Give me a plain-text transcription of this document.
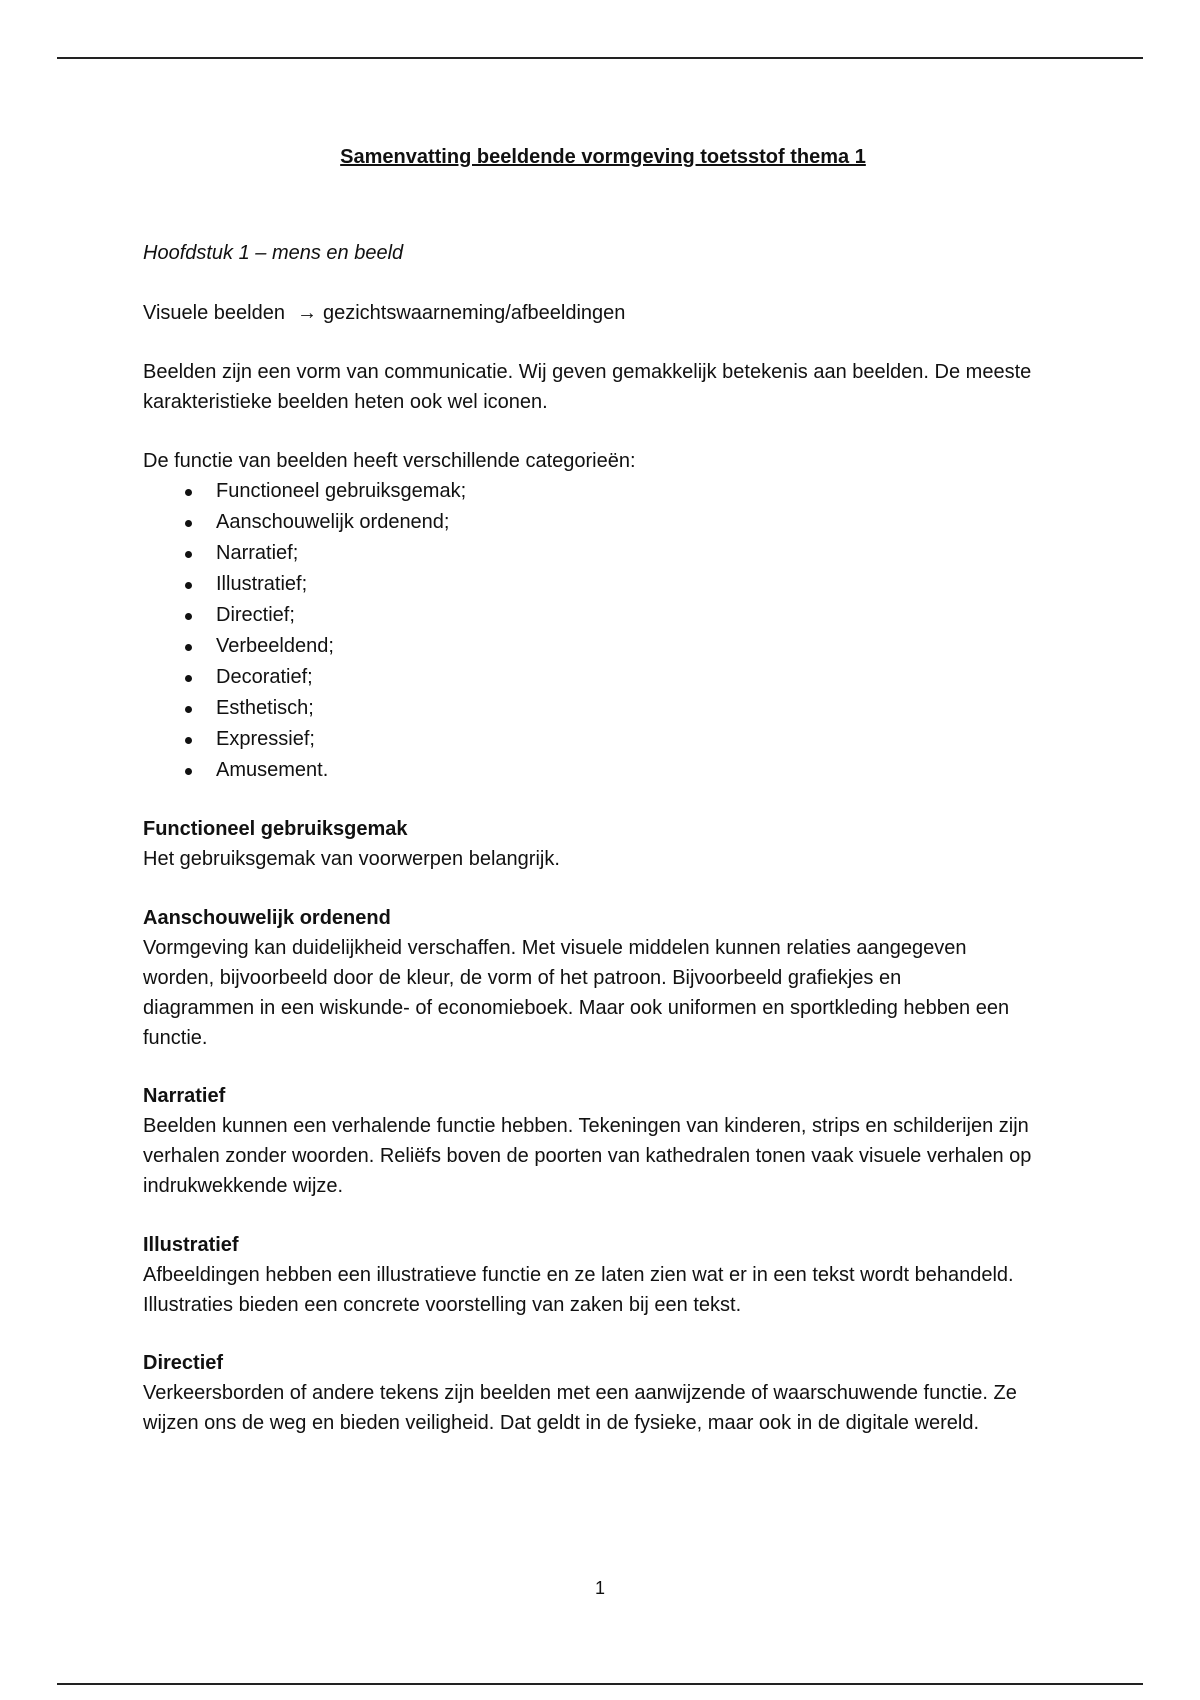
Samenvatting beeldende vormgeving toetsstof thema 1
Hoofdstuk 1 – mens en beeld
Visuele beelden → gezichtswaarneming/afbeeldingen
Beelden zijn een vorm van communicatie. Wij geven gemakkelijk betekenis aan beelden. De meeste karakteristieke beelden heten ook wel iconen.
De functie van beelden heeft verschillende categorieën:
Functioneel gebruiksgemak;
Aanschouwelijk ordenend;
Narratief;
Illustratief;
Directief;
Verbeeldend;
Decoratief;
Esthetisch;
Expressief;
Amusement.
Functioneel gebruiksgemak
Het gebruiksgemak van voorwerpen belangrijk.
Aanschouwelijk ordenend
Vormgeving kan duidelijkheid verschaffen. Met visuele middelen kunnen relaties aangegeven worden, bijvoorbeeld door de kleur, de vorm of het patroon. Bijvoorbeeld grafiekjes en diagrammen in een wiskunde- of economieboek. Maar ook uniformen en sportkleding hebben een functie.
Narratief
Beelden kunnen een verhalende functie hebben. Tekeningen van kinderen, strips en schilderijen zijn verhalen zonder woorden. Reliëfs boven de poorten van kathedralen tonen vaak visuele verhalen op indrukwekkende wijze.
Illustratief
Afbeeldingen hebben een illustratieve functie en ze laten zien wat er in een tekst wordt behandeld. Illustraties bieden een concrete voorstelling van zaken bij een tekst.
Directief
Verkeersborden of andere tekens zijn beelden met een aanwijzende of waarschuwende functie. Ze wijzen ons de weg en bieden veiligheid. Dat geldt in de fysieke, maar ook in de digitale wereld.
1
